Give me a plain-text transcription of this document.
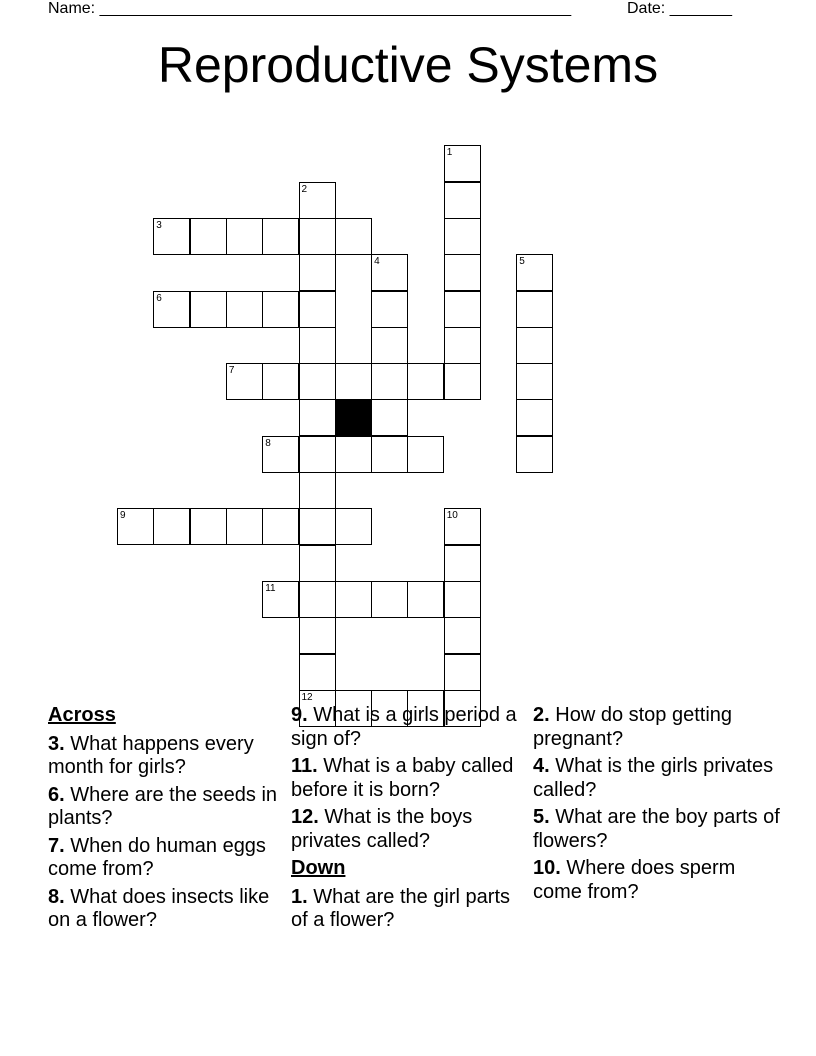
Name: _____________________________________________________	Date: _______
Reproductive Systems
1
2
3
4	5
6
7
8
9	10
11
12
Across
3. What happens every month for girls?
6. Where are the seeds in plants?
7. When do human eggs come from?
8. What does insects like on a flower?
9. What is a girls period a sign of?
11. What is a baby called before it is born?
12. What is the boys privates called?
Down
1. What are the girl parts of a flower?
2. How do stop getting pregnant?
4. What is the girls privates called?
5. What are the boy parts of flowers?
10. Where does sperm come from?
